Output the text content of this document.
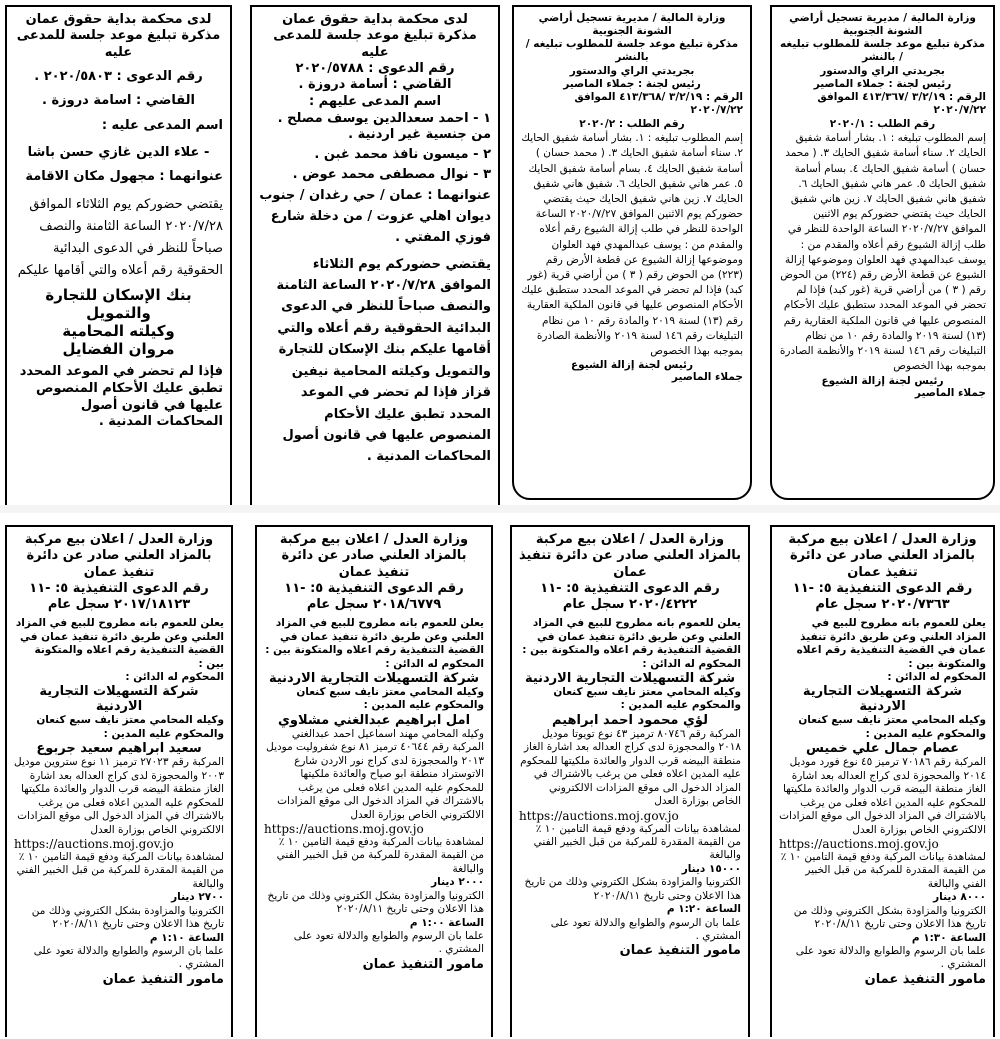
لدى محكمة بداية حقوق عمان

مذكرة تبليغ موعد جلسة للمدعى عليه

رقم الدعوى : ٢٠٢٠/٥٨٠٣ .

القاضي : اسامة دروزة .

اسم المدعى عليه :

- علاء الدين غازي حسن باشا

عنوانهما : مجهول مكان الاقامة

يقتضي حضوركم يوم الثلاثاء الموافق ٢٠٢٠/٧/٢٨ الساعة الثامنة والنصف صباحاً للنظر في الدعوى البدائية الحقوقية رقم أعلاه والتي أقامها عليكم

بنك الإسكان للتجارة والتمويل

وكيلته المحامية

مروان الفضايل

فإذا لم تحضر في الموعد المحدد تطبق عليك الأحكام المنصوص عليها في قانون أصول المحاكمات المدنية .

لدى محكمة بداية حقوق عمان

مذكرة تبليغ موعد جلسة للمدعى عليه

رقم الدعوى : ٢٠٢٠/٥٧٨٨

القاضي : أسامة دروزة .

اسم المدعى عليهم :

١ - احمد سعدالدين يوسف مصلح . من جنسية غير اردنية .

٢ - ميسون نافذ محمد غبن .

٣ - نوال مصطفى محمد عوض .

عنوانهما : عمان / حي رغدان / جنوب ديوان اهلي عزوت / من دخلة شارع فوزي المفتي .

يقتضي حضوركم يوم الثلاثاء الموافق ٢٠٢٠/٧/٢٨ الساعة الثامنة والنصف صباحاً للنظر في الدعوى البدائية الحقوقية رقم أعلاه والتي أقامها عليكم بنك الإسكان للتجارة والتمويل وكيلته المحامية نيفين قزاز فإذا لم تحضر في الموعد المحدد تطبق عليك الأحكام المنصوص عليها في قانون أصول المحاكمات المدنية .

وزارة المالية / مديرية تسجيل أراضي

الشونة الجنوبية

مذكرة تبليغ موعد جلسة للمطلوب تبليغه / بالنشر

بجريدتي الراي والدستور

رئيس لجنة : جملاء الماصير

الرقم : ٣/٢/١٩ /٤١٣/٣٦٨ الموافق ٢٠٢٠/٧/٢٢

رقم الطلب : ٢٠٢٠/٢

إسم المطلوب تبليغه : ١. بشار أسامة شفيق الحايك ٢. سناء أسامة شفيق الحايك ٣. ( محمد حسان ) أسامة شفيق الحايك ٤. بسام أسامة شفيق الحايك ٥. عمر هاني شفيق الحايك ٦. شفيق هاني شفيق الحايك ٧. زين هاني شفيق الحايك حيث يقتضي حضوركم يوم الاثنين الموافق ٢٠٢٠/٧/٢٧ الساعة الواحدة للنظر في طلب إزالة الشيوع رقم أعلاه والمقدم من : يوسف عبدالمهدي فهد العلوان وموضوعها إزالة الشيوع عن قطعة الأرض رقم (٢٢٣) من الحوض رقم ( ٣ ) من أراضي قرية (غور كبد) فإذا لم تحضر في الموعد المحدد ستطبق عليك الأحكام المنصوص عليها في قانون الملكية العقارية رقم (١٣) لسنة ٢٠١٩ والمادة رقم ١٠ من نظام التبليغات رقم ١٤٦ لسنة ٢٠١٩ والأنظمة الصادرة بموجبه بهذا الخصوص

رئيس لجنة إزالة الشيوع

جملاء الماصير

وزارة المالية / مديرية تسجيل أراضي

الشونة الجنوبية

مذكرة تبليغ موعد جلسة للمطلوب تبليغه / بالنشر

بجريدتي الراي والدستور

رئيس لجنة : جملاء الماصير

الرقم : ٣/٢/١٩ /٤١٣/٣٦٧ الموافق ٢٠٢٠/٧/٢٢

رقم الطلب : ٢٠٢٠/١

إسم المطلوب تبليغه : ١. بشار أسامة شفيق الحايك ٢. سناء أسامة شفيق الحايك ٣. ( محمد حسان ) أسامة شفيق الحايك ٤. بسام أسامة شفيق الحايك ٥. عمر هاني شفيق الحايك ٦. شفيق هاني شفيق الحايك ٧. زين هاني شفيق الحايك حيث يقتضي حضوركم يوم الاثنين الموافق ٢٠٢٠/٧/٢٧ الساعة الواحدة للنظر في طلب إزالة الشيوع رقم أعلاه والمقدم من : يوسف عبدالمهدي فهد العلوان وموضوعها إزالة الشيوع عن قطعة الأرض رقم (٢٢٤) من الحوض رقم ( ٣ ) من أراضي قرية (غور كبد) فإذا لم تحضر في الموعد المحدد ستطبق عليك الأحكام المنصوص عليها في قانون الملكية العقارية رقم (١٣) لسنة ٢٠١٩ والمادة رقم ١٠ من نظام التبليغات رقم ١٤٦ لسنة ٢٠١٩ والأنظمة الصادرة بموجبه بهذا الخصوص

رئيس لجنة إزالة الشيوع

جملاء الماصير

وزارة العدل / اعلان بيع مركبة بالمزاد العلني صادر عن دائرة تنفيذ عمان

رقم الدعوى التنفيذية ٥: -١١ ٢٠١٧/١٨١٢٣ سجل عام

يعلن للعموم بانه مطروح للبيع في المزاد العلني وعن طريق دائرة تنفيذ عمان في القضية التنفيذية رقم اعلاه والمتكونة بين :

المحكوم له الدائن :

شركة التسهيلات التجارية الاردنية

وكيله المحامي معتز نايف سبع كنعان

والمحكوم عليه المدين :

سعيد ابراهيم سعيد جربوع

المركبة رقم ٢٧٠٢٣ ترميز ١١ نوع ستروين موديل ٢٠٠٣ والمحجوزة لدى كراج العداله بعد اشارة الغاز منطقة البيضه قرب الدوار والعائدة ملكيتها للمحكوم عليه المدين اعلاه فعلى من يرغب بالاشتراك في المزاد الدخول الى موقع المزادات الالكتروني الخاص بوزارة العدل

https://auctions.moj.gov.jo

لمشاهدة بيانات المركبة ودفع قيمة التامين ١٠ ٪ من القيمة المقدرة للمركبة من قبل الخبير الفني والبالغة

٢٧٠٠ دينار

الكترونيا والمزاودة بشكل الكتروني وذلك من تاريخ هذا الاعلان وحتى تاريخ ٢٠٢٠/٨/١١

الساعة ١:١٠ م

علما بان الرسوم والطوابع والدلالة تعود على المشتري .

مامور التنفيذ عمان

وزارة العدل / اعلان بيع مركبة بالمزاد العلني صادر عن دائرة تنفيذ عمان

رقم الدعوى التنفيذية ٥: -١١ ٢٠١٨/٦٧٧٩ سجل عام

يعلن للعموم بانه مطروح للبيع في المزاد العلني وعن طريق دائرة تنفيذ عمان في القضية التنفيذية رقم اعلاه والمتكونة بين :

المحكوم له الدائن :

شركة التسهيلات التجارية الاردنية

وكيله المحامي معتز نايف سبع كنعان

والمحكوم عليه المدين :

امل ابراهيم عبدالغني مشلاوي

وكيله المحامي مهند اسماعيل احمد عبدالغني المركبة رقم ٤٠٦٤٤ ترميز ٨١ نوع شفروليت موديل ٢٠١٣ والمحجوزة لدى كراج نور الاردن شارع الاتوستراد منطقة ابو صياح والعائدة ملكيتها للمحكوم عليه المدين اعلاه فعلى من يرغب بالاشتراك في المزاد الدخول الى موقع المزادات الالكتروني الخاص بوزارة العدل

https://auctions.moj.gov.jo

لمشاهدة بيانات المركبة ودفع قيمة التامين ١٠ ٪ من القيمة المقدرة للمركبة من قبل الخبير الفني والبالغة

٢٠٠٠ دينار

الكترونيا والمزاودة بشكل الكتروني وذلك من تاريخ هذا الاعلان وحتى تاريخ ٢٠٢٠/٨/١١

الساعة ١:٠٠ م

علما بان الرسوم والطوابع والدلالة تعود على المشتري .

مامور التنفيذ عمان

وزارة العدل / اعلان بيع مركبة بالمزاد العلني صادر عن دائرة تنفيذ عمان

رقم الدعوى التنفيذية ٥: -١١ ٢٠٢٠/٤٢٢٢ سجل عام

يعلن للعموم بانه مطروح للبيع في المزاد العلني وعن طريق دائرة تنفيذ عمان في القضية التنفيذية رقم اعلاه والمتكونة بين :

المحكوم له الدائن :

شركة التسهيلات التجارية الاردنية

وكيله المحامي معتز نايف سبع كنعان

والمحكوم عليه المدين :

لؤي محمود احمد ابراهيم

المركبة رقم ٨٠٧٤٦ ترميز ٤٣ نوع تويوتا موديل ٢٠١٨ والمحجوزة لدى كراج العداله بعد اشارة الغاز منطقة البيضه قرب الدوار والعائدة ملكيتها للمحكوم عليه المدين اعلاه فعلى من يرغب بالاشتراك في المزاد الدخول الى موقع المزادات الالكتروني الخاص بوزارة العدل

https://auctions.moj.gov.jo

لمشاهدة بيانات المركبة ودفع قيمة التامين ١٠ ٪ من القيمة المقدرة للمركبة من قبل الخبير الفني والبالغة

١٥٠٠٠ دينار

الكترونيا والمزاودة بشكل الكتروني وذلك من تاريخ هذا الاعلان وحتى تاريخ ٢٠٢٠/٨/١١

الساعة ١:٢٠ م

علما بان الرسوم والطوابع والدلالة تعود على المشتري .

مامور التنفيذ عمان

وزارة العدل / اعلان بيع مركبة بالمزاد العلني صادر عن دائرة تنفيذ عمان

رقم الدعوى التنفيذية ٥: -١١ ٢٠٢٠/٧٣٦٣ سجل عام

يعلن للعموم بانه مطروح للبيع في المزاد العلني وعن طريق دائرة تنفيذ عمان في القضية التنفيذية رقم اعلاه والمتكونة بين :

المحكوم له الدائن :

شركة التسهيلات التجارية الاردنية

وكيله المحامي معتز نايف سبع كنعان

والمحكوم عليه المدين :

عصام جمال علي خميس

المركبة رقم ٧٠١٨٦ ترميز ٤٥ نوع فورد موديل ٢٠١٤ والمحجوزة لدى كراج العداله بعد اشارة الغاز منطقة البيضه قرب الدوار والعائدة ملكيتها للمحكوم عليه المدين اعلاه فعلى من يرغب بالاشتراك في المزاد الدخول الى موقع المزادات الالكتروني الخاص بوزارة العدل

https://auctions.moj.gov.jo

لمشاهدة بيانات المركبة ودفع قيمة التامين ١٠ ٪ من القيمة المقدرة للمركبة من قبل الخبير الفني والبالغة

٨٠٠٠ دينار

الكترونيا والمزاودة بشكل الكتروني وذلك من تاريخ هذا الاعلان وحتى تاريخ ٢٠٢٠/٨/١١

الساعة ١:٣٠ م

علما بان الرسوم والطوابع والدلالة تعود على المشتري .

مامور التنفيذ عمان
